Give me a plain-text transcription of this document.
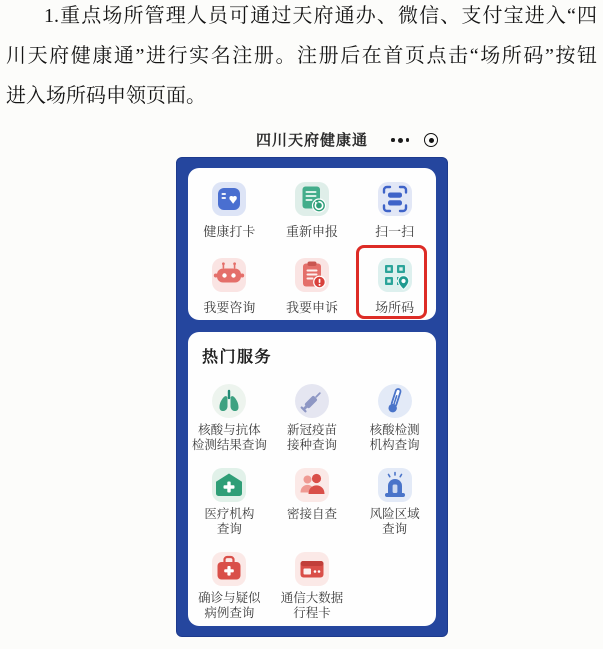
1.重点场所管理人员可通过天府通办、微信、支付宝进入“四
川天府健康通”进行实名注册。注册后在首页点击“场所码”按钮
进入场所码申领页面。
四川天府健康通
健康打卡 重新申报	扫一扫
我要咨询 我要申诉	场所码
热门服务
核酸与抗体
检测结果查询
新冠疫苗
接种查询
核酸检测
机构查询
医疗机构
查询
密接自查	风险区域
查询
确诊与疑似
病例查询
通信大数据
行程卡
